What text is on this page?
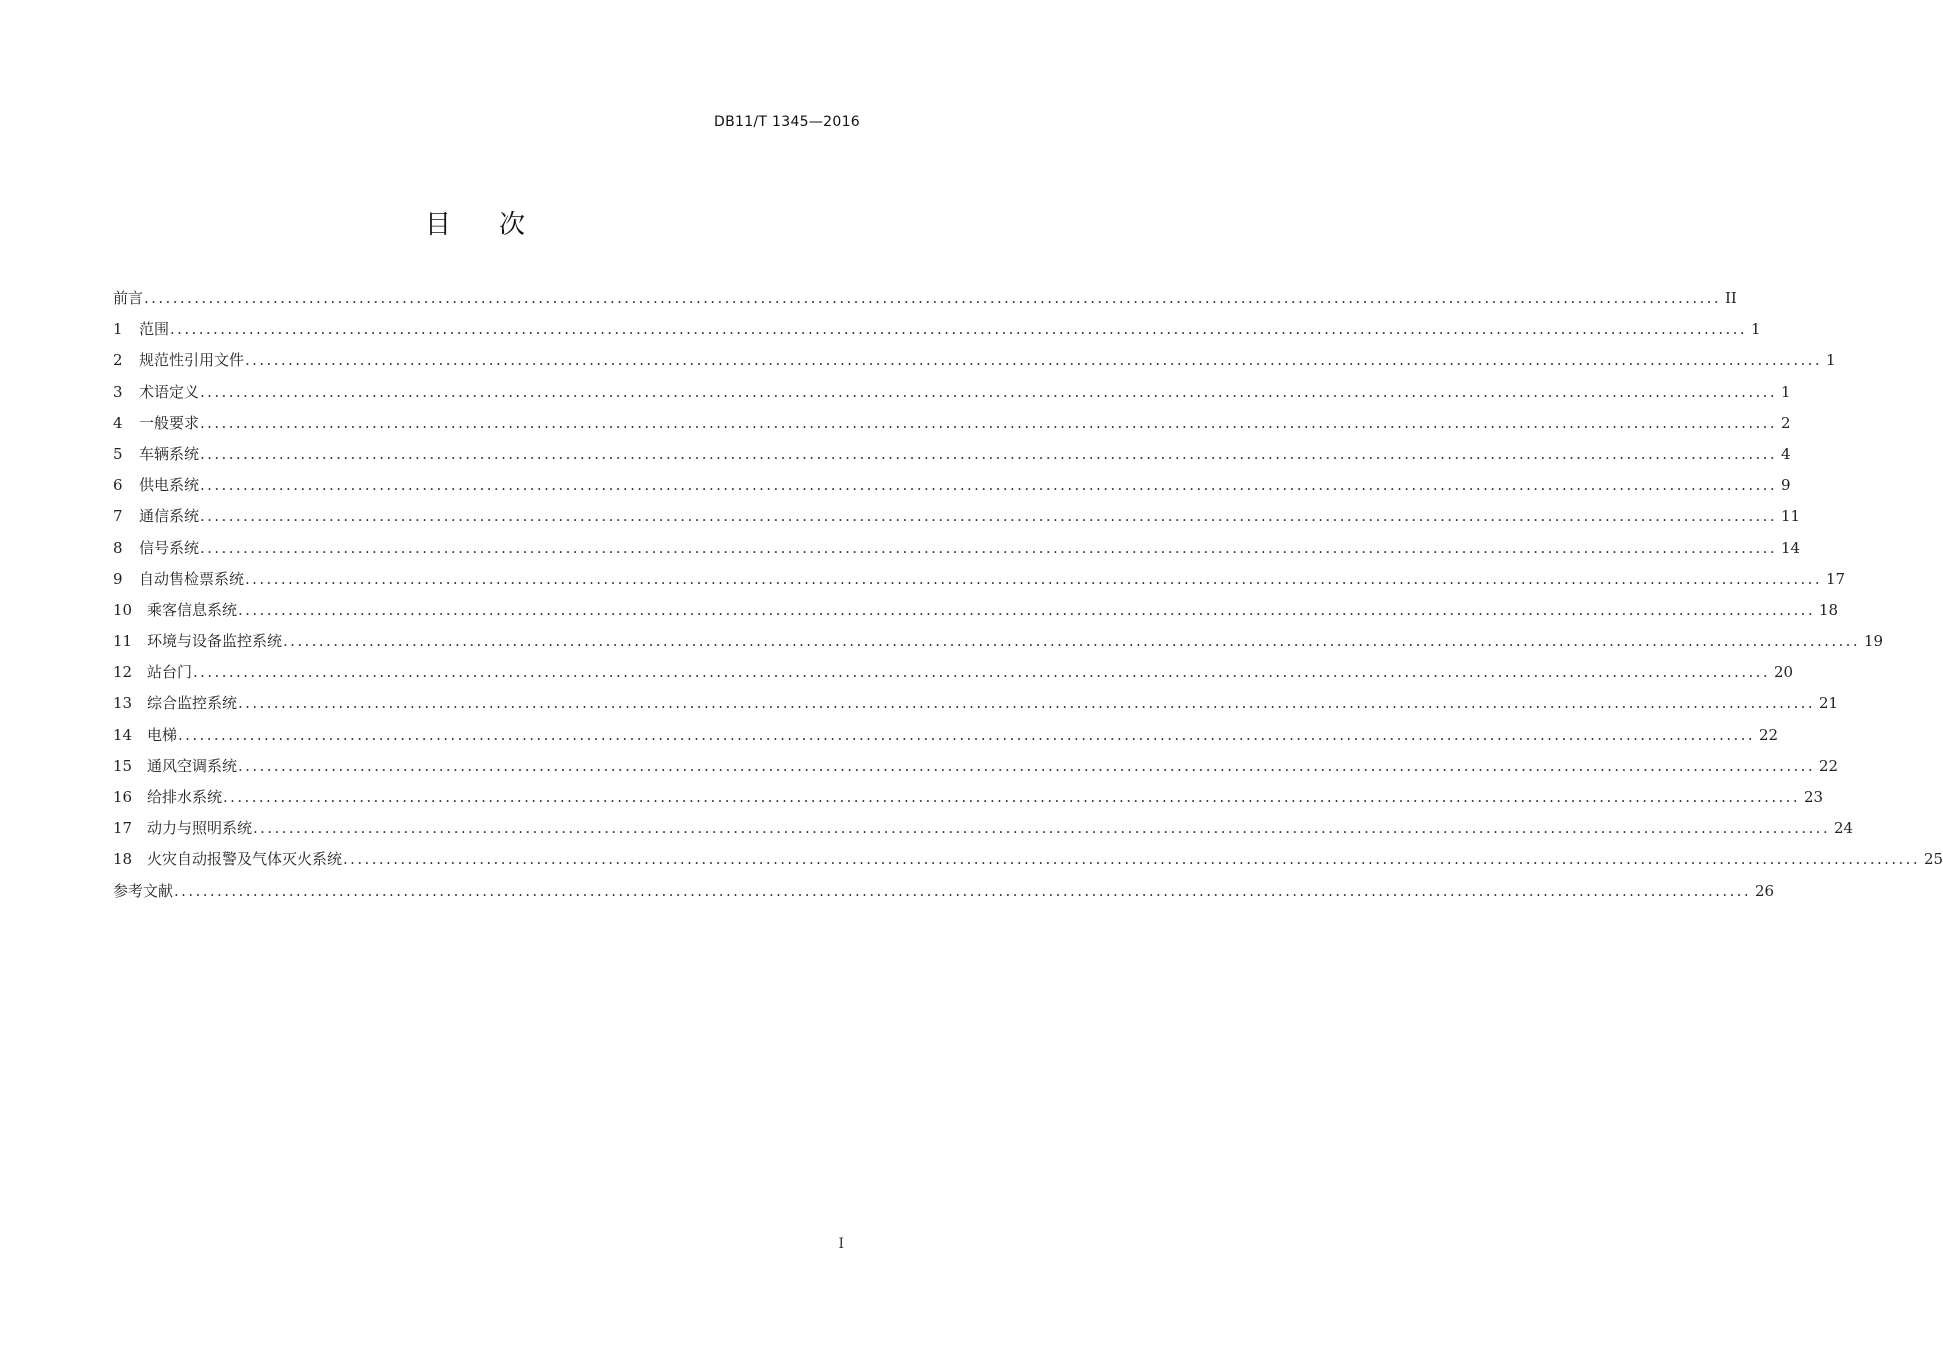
DB11/T 1345—2016
目次
前言 ............................................................................................................................................................................................................................ II
1	范围 ............................................................................................................................................................................................................................ 1
2	规范性引用文件 ............................................................................................................................................................................................................................ 1
3	术语定义 ............................................................................................................................................................................................................................ 1
4	一般要求 ............................................................................................................................................................................................................................ 2
5	车辆系统 ............................................................................................................................................................................................................................ 4
6	供电系统 ............................................................................................................................................................................................................................ 9
7	通信系统 ............................................................................................................................................................................................................................ 11
8	信号系统 ............................................................................................................................................................................................................................ 14
9	自动售检票系统 ............................................................................................................................................................................................................................ 17
10 乘客信息系统 ............................................................................................................................................................................................................................ 18
11 环境与设备监控系统 ............................................................................................................................................................................................................................ 19
12 站台门 ............................................................................................................................................................................................................................ 20
13 综合监控系统 ............................................................................................................................................................................................................................ 21
14 电梯 ............................................................................................................................................................................................................................ 22
15 通风空调系统 ............................................................................................................................................................................................................................ 22
16 给排水系统 ............................................................................................................................................................................................................................ 23
17 动力与照明系统 ............................................................................................................................................................................................................................ 24
18 火灾自动报警及气体灭火系统 ............................................................................................................................................................................................................................ 25
参考文献 ............................................................................................................................................................................................................................ 26
I
